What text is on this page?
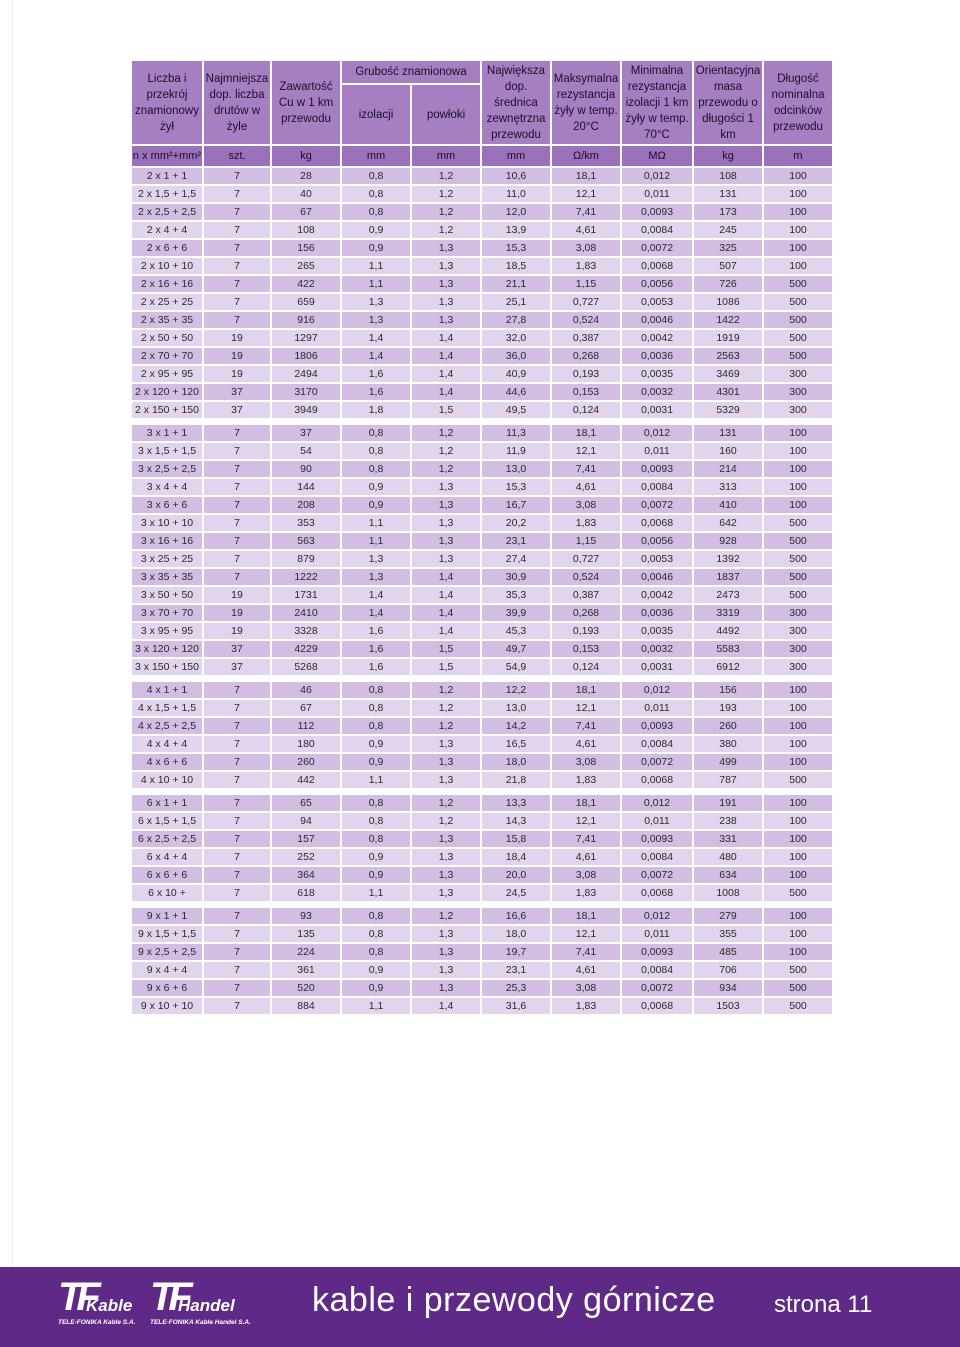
Liczba i przekrój znamionowy żył	Najmniejsza dop. liczba drutów w żyle	Zawartość Cu w 1 km przewodu	Grubość znamionowa		Największa dop. średnica zewnętrzna przewodu	Maksymalna rezystancja żyły w temp. 20°C	Minimalna rezystancja izolacji 1 km żyły w temp. 70°C	Orientacyjna masa przewodu o długości 1 km	Długość nominalna odcinków przewodu
			izolacji	powłoki					
n x mm²+mm²	szt.	kg	mm	mm	mm	Ω/km	MΩ	kg	m
2 x 1 + 1	7	28	0,8	1,2	10,6	18,1	0,012	108	100
2 x 1,5 + 1,5	7	40	0,8	1,2	11,0	12,1	0,011	131	100
2 x 2,5 + 2,5	7	67	0,8	1,2	12,0	7,41	0,0093	173	100
2 x 4 + 4	7	108	0,9	1,2	13,9	4,61	0,0084	245	100
2 x 6 + 6	7	156	0,9	1,3	15,3	3,08	0,0072	325	100
2 x 10 + 10	7	265	1,1	1,3	18,5	1,83	0,0068	507	100
2 x 16 + 16	7	422	1,1	1,3	21,1	1,15	0,0056	726	500
2 x 25 + 25	7	659	1,3	1,3	25,1	0,727	0,0053	1086	500
2 x 35 + 35	7	916	1,3	1,3	27,8	0,524	0,0046	1422	500
2 x 50 + 50	19	1297	1,4	1,4	32,0	0,387	0,0042	1919	500
2 x 70 + 70	19	1806	1,4	1,4	36,0	0,268	0,0036	2563	500
2 x 95 + 95	19	2494	1,6	1,4	40,9	0,193	0,0035	3469	300
2 x 120 + 120	37	3170	1,6	1,4	44,6	0,153	0,0032	4301	300
2 x 150 + 150	37	3949	1,8	1,5	49,5	0,124	0,0031	5329	300

3 x 1 + 1	7	37	0,8	1,2	11,3	18,1	0,012	131	100
3 x 1,5 + 1,5	7	54	0,8	1,2	11,9	12,1	0,011	160	100
3 x 2,5 + 2,5	7	90	0,8	1,2	13,0	7,41	0,0093	214	100
3 x 4 + 4	7	144	0,9	1,3	15,3	4,61	0,0084	313	100
3 x 6 + 6	7	208	0,9	1,3	16,7	3,08	0,0072	410	100
3 x 10 + 10	7	353	1,1	1,3	20,2	1,83	0,0068	642	500
3 x 16 + 16	7	563	1,1	1,3	23,1	1,15	0,0056	928	500
3 x 25 + 25	7	879	1,3	1,3	27,4	0,727	0,0053	1392	500
3 x 35 + 35	7	1222	1,3	1,4	30,9	0,524	0,0046	1837	500
3 x 50 + 50	19	1731	1,4	1,4	35,3	0,387	0,0042	2473	500
3 x 70 + 70	19	2410	1,4	1,4	39,9	0,268	0,0036	3319	300
3 x 95 + 95	19	3328	1,6	1,4	45,3	0,193	0,0035	4492	300
3 x 120 + 120	37	4229	1,6	1,5	49,7	0,153	0,0032	5583	300
3 x 150 + 150	37	5268	1,6	1,5	54,9	0,124	0,0031	6912	300

4 x 1 + 1	7	46	0,8	1,2	12,2	18,1	0,012	156	100
4 x 1,5 + 1,5	7	67	0,8	1,2	13,0	12,1	0,011	193	100
4 x 2,5 + 2,5	7	112	0,8	1,2	14,2	7,41	0,0093	260	100
4 x 4 + 4	7	180	0,9	1,3	16,5	4,61	0,0084	380	100
4 x 6 + 6	7	260	0,9	1,3	18,0	3,08	0,0072	499	100
4 x 10 + 10	7	442	1,1	1,3	21,8	1,83	0,0068	787	500

6 x 1 + 1	7	65	0,8	1,2	13,3	18,1	0,012	191	100
6 x 1,5 + 1,5	7	94	0,8	1,2	14,3	12,1	0,011	238	100
6 x 2,5 + 2,5	7	157	0,8	1,3	15,8	7,41	0,0093	331	100
6 x 4 + 4	7	252	0,9	1,3	18,4	4,61	0,0084	480	100
6 x 6 + 6	7	364	0,9	1,3	20,0	3,08	0,0072	634	100
6 x 10 +	7	618	1,1	1,3	24,5	1,83	0,0068	1008	500

9 x 1 + 1	7	93	0,8	1,2	16,6	18,1	0,012	279	100
9 x 1,5 + 1,5	7	135	0,8	1,3	18,0	12,1	0,011	355	100
9 x 2,5 + 2,5	7	224	0,8	1,3	19,7	7,41	0,0093	485	100
9 x 4 + 4	7	361	0,9	1,3	23,1	4,61	0,0084	706	500
9 x 6 + 6	7	520	0,9	1,3	25,3	3,08	0,0072	934	500
9 x 10 + 10	7	884	1,1	1,4	31,6	1,83	0,0068	1503	500
TF
Kable
TELE-FONIKA Kable S.A.
TF
Handel
TELE-FONIKA Kable Handel S.A.
kable i przewody górnicze strona 11
